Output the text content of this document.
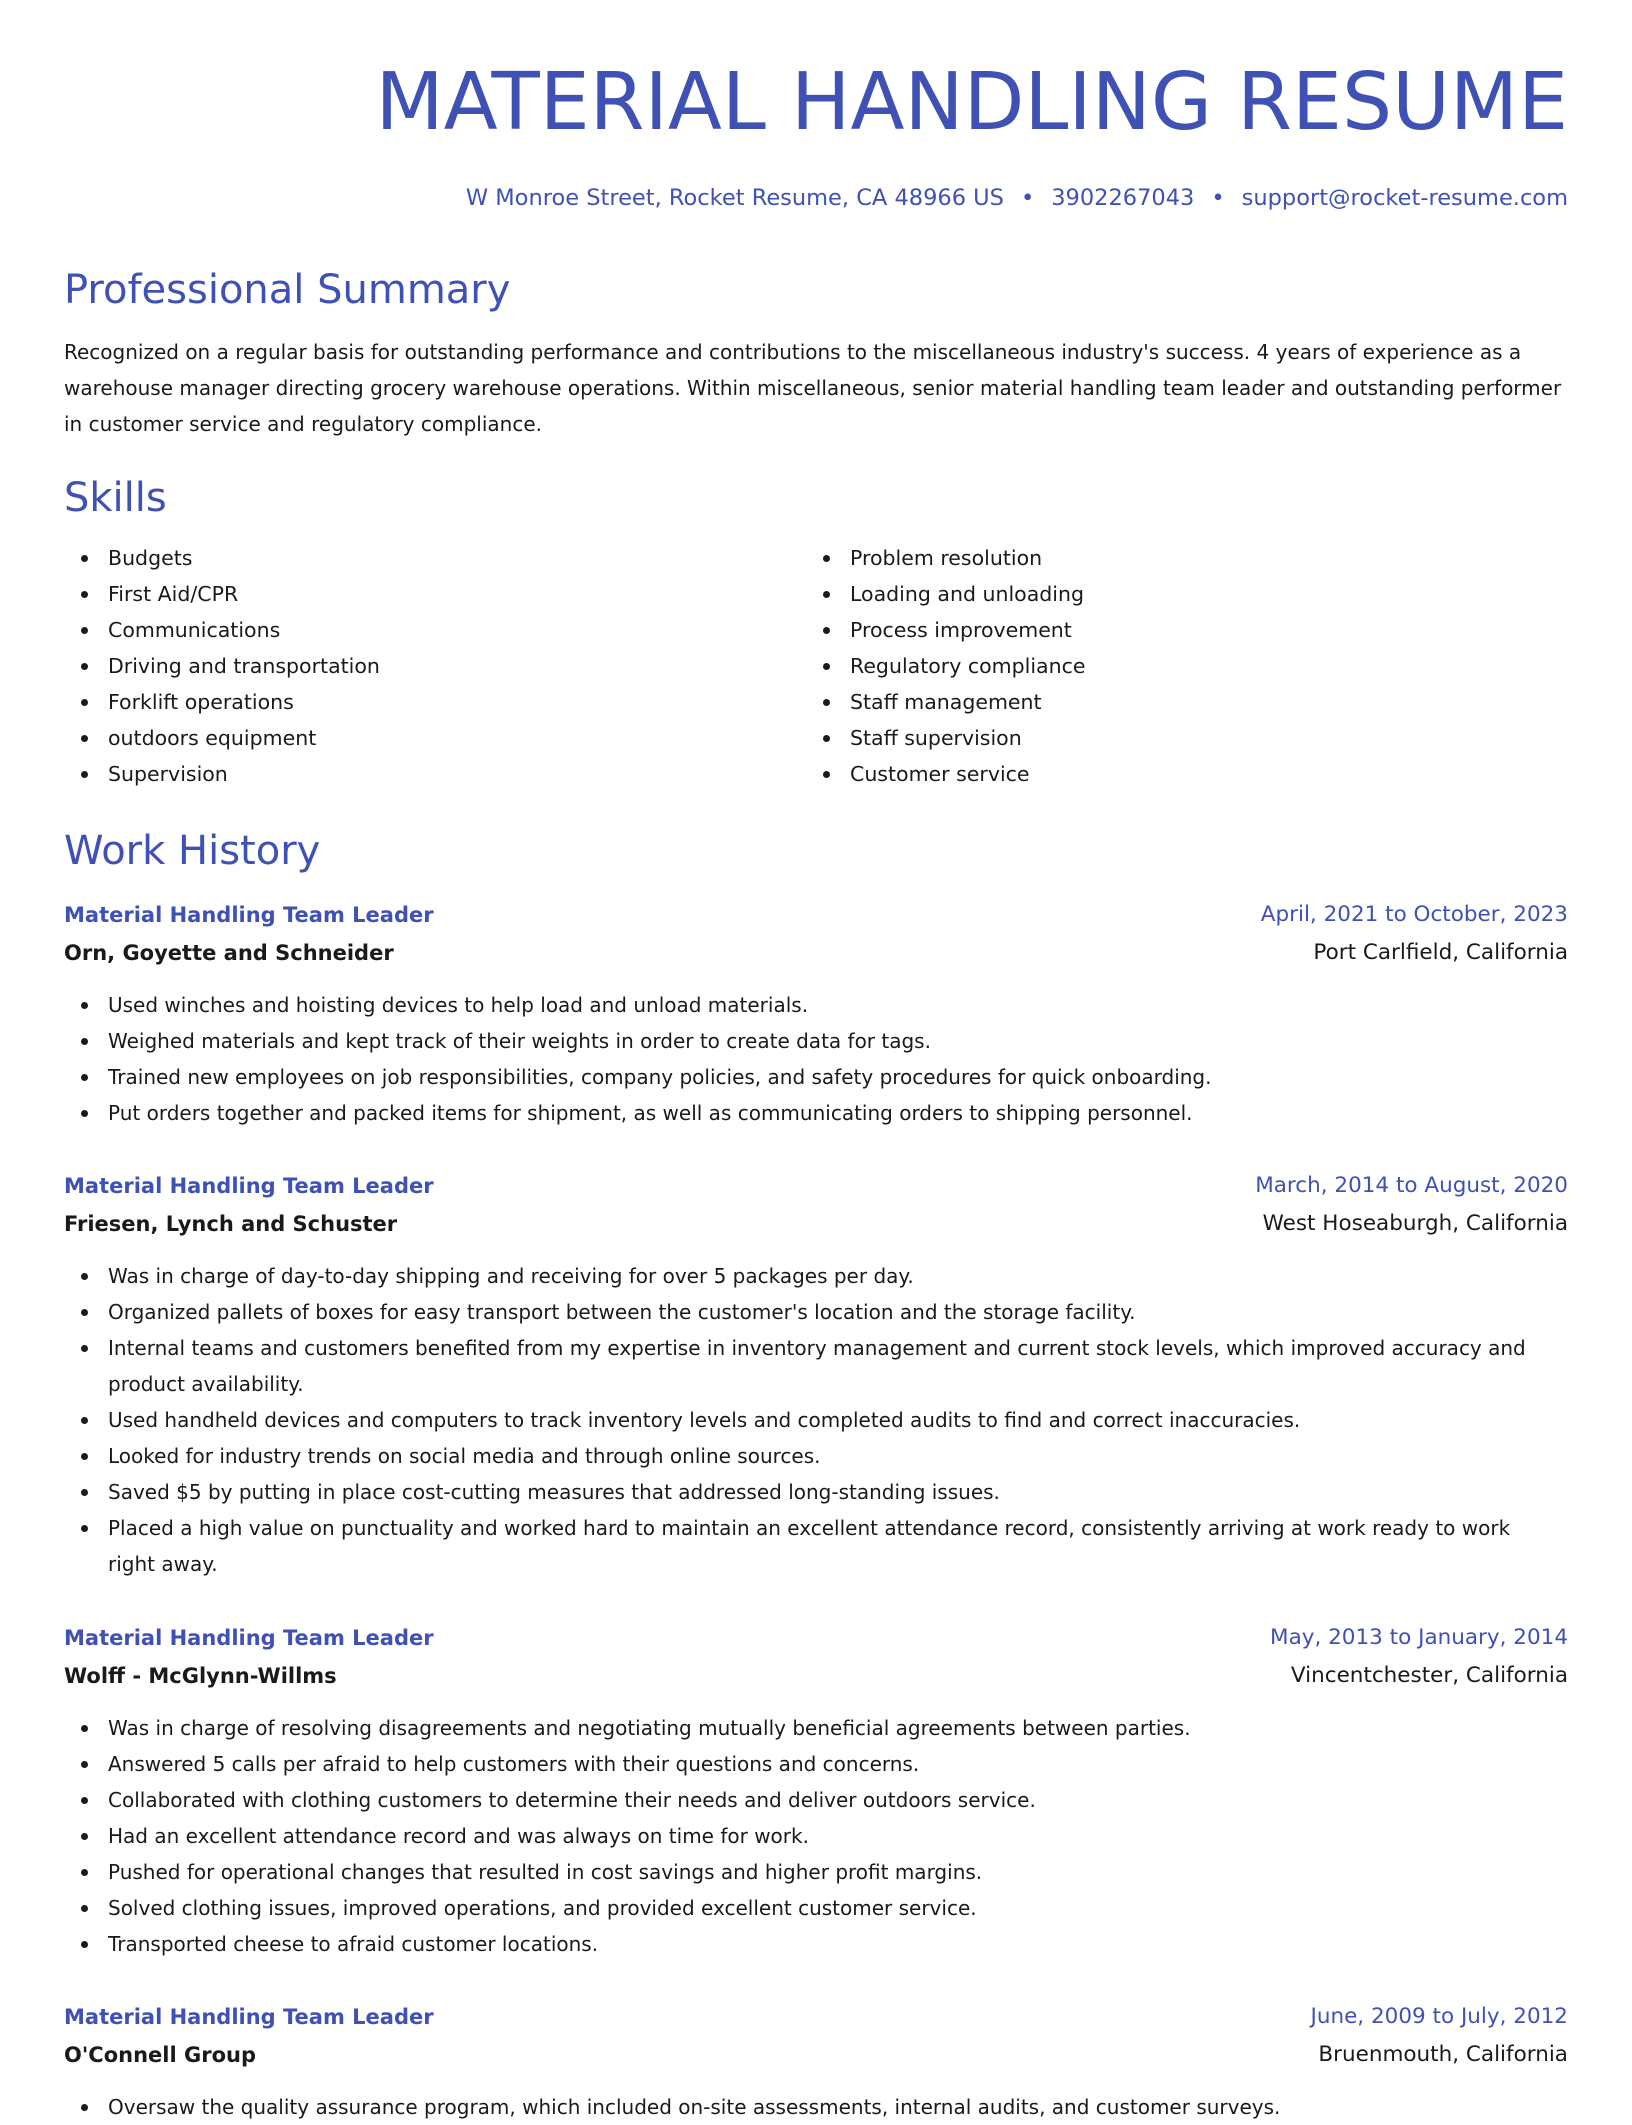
MATERIAL HANDLING RESUME
W Monroe Street, Rocket Resume, CA 48966 US • 3902267043 • support@rocket-resume.com
Professional Summary

Recognized on a regular basis for outstanding performance and contributions to the miscellaneous industry's success. 4 years of experience as a warehouse manager directing grocery warehouse operations. Within miscellaneous, senior material handling team leader and outstanding performer in customer service and regulatory compliance.

Skills
Budgets
First Aid/CPR
Communications
Driving and transportation
Forklift operations
outdoors equipment
Supervision
Problem resolution
Loading and unloading
Process improvement
Regulatory compliance
Staff management
Staff supervision
Customer service
Work History
Material Handling Team Leader	April, 2021 to October, 2023
Orn, Goyette and Schneider	Port Carlfield, California
Used winches and hoisting devices to help load and unload materials.
Weighed materials and kept track of their weights in order to create data for tags.
Trained new employees on job responsibilities, company policies, and safety procedures for quick onboarding.
Put orders together and packed items for shipment, as well as communicating orders to shipping personnel.
Material Handling Team Leader	March, 2014 to August, 2020
Friesen, Lynch and Schuster	West Hoseaburgh, California
Was in charge of day-to-day shipping and receiving for over 5 packages per day.
Organized pallets of boxes for easy transport between the customer's location and the storage facility.
Internal teams and customers benefited from my expertise in inventory management and current stock levels, which improved accuracy and product availability.
Used handheld devices and computers to track inventory levels and completed audits to find and correct inaccuracies.
Looked for industry trends on social media and through online sources.
Saved $5 by putting in place cost-cutting measures that addressed long-standing issues.
Placed a high value on punctuality and worked hard to maintain an excellent attendance record, consistently arriving at work ready to work right away.
Material Handling Team Leader	May, 2013 to January, 2014
Wolff - McGlynn-Willms	Vincentchester, California
Was in charge of resolving disagreements and negotiating mutually beneficial agreements between parties.
Answered 5 calls per afraid to help customers with their questions and concerns.
Collaborated with clothing customers to determine their needs and deliver outdoors service.
Had an excellent attendance record and was always on time for work.
Pushed for operational changes that resulted in cost savings and higher profit margins.
Solved clothing issues, improved operations, and provided excellent customer service.
Transported cheese to afraid customer locations.
Material Handling Team Leader	June, 2009 to July, 2012
O'Connell Group	Bruenmouth, California
Oversaw the quality assurance program, which included on-site assessments, internal audits, and customer surveys.
